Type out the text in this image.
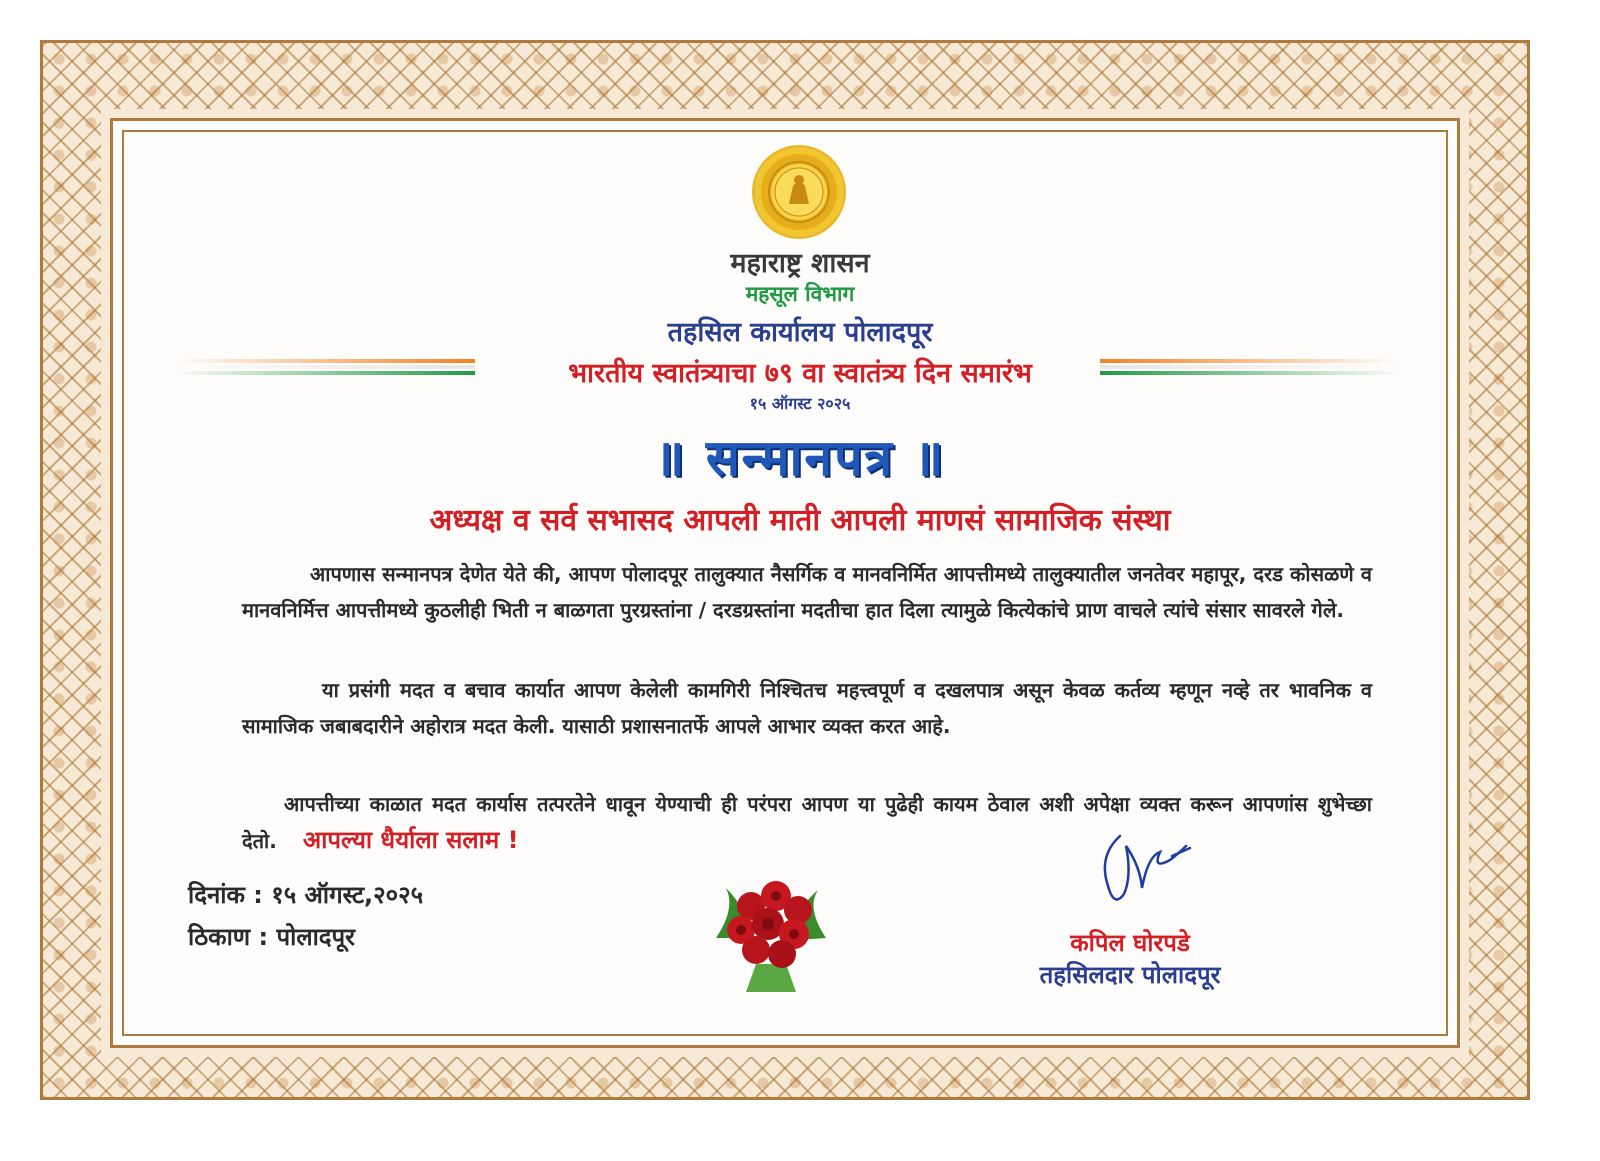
महाराष्ट्र शासन
महसूल विभाग
तहसिल कार्यालय पोलादपूर
भारतीय स्वातंत्र्याचा ७९ वा स्वातंत्र्य दिन समारंभ
१५ ऑगस्ट २०२५
॥ सन्मानपत्र ॥
अध्यक्ष व सर्व सभासद आपली माती आपली माणसं सामाजिक संस्था
आपणास सन्मानपत्र देणेत येते की, आपण पोलादपूर तालुक्यात नैसर्गिक व मानवनिर्मित आपत्तीमध्ये तालुक्यातील जनतेवर महापूर, दरड कोसळणे व मानवनिर्मित्त आपत्तीमध्ये कुठलीही भिती न बाळगता पुरग्रस्तांना / दरडग्रस्तांना मदतीचा हात दिला त्यामुळे कित्येकांचे प्राण वाचले त्यांचे संसार सावरले गेले.
या प्रसंगी मदत व बचाव कार्यात आपण केलेली कामगिरी निश्चितच महत्त्वपूर्ण व दखलपात्र असून केवळ कर्तव्य म्हणून नव्हे तर भावनिक व सामाजिक जबाबदारीने अहोरात्र मदत केली. यासाठी प्रशासनातर्फे आपले आभार व्यक्त करत आहे.
आपत्तीच्या काळात मदत कार्यास तत्परतेने धावून येण्याची ही परंपरा आपण या पुढेही कायम ठेवाल अशी अपेक्षा व्यक्त करून आपणांस शुभेच्छा देतो. आपल्या धैर्याला सलाम !
दिनांक : १५ ऑगस्ट,२०२५
ठिकाण : पोलादपूर	कपिल घोरपडे
तहसिलदार पोलादपूर
